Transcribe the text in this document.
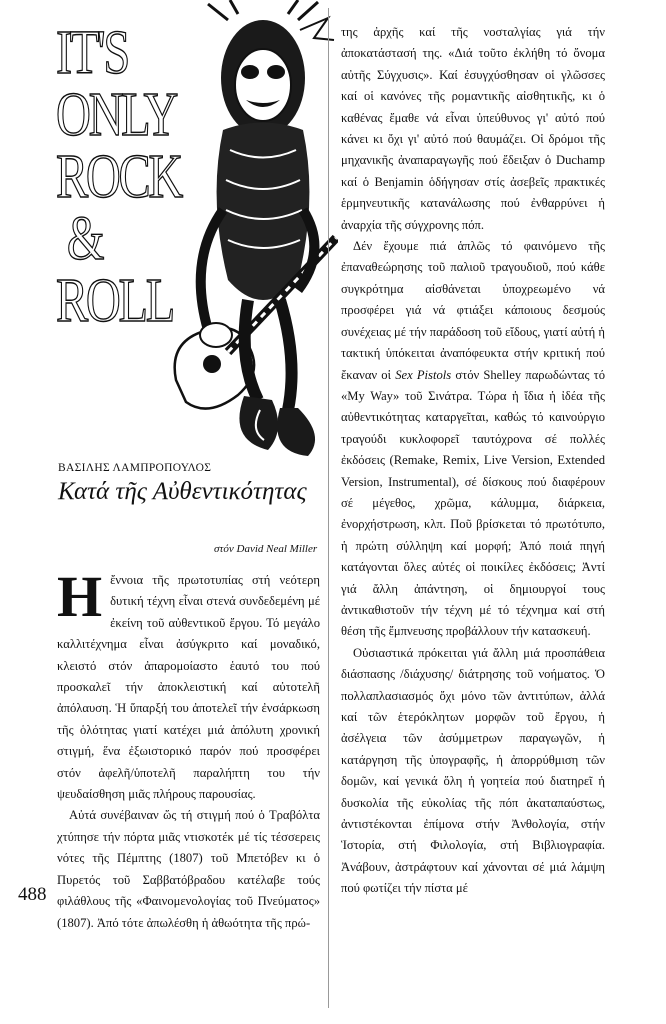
IT'S
ONLY
ROCK
&
ROLL
ΒΑΣΙΛΗΣ ΛΑΜΠΡΟΠΟΥΛΟΣ
Κατά τῆς Αὐθεντικότητας
στόν David Neal Miller

Η ἔννοια τῆς πρωτοτυπίας στή νεότερη δυτική τέχνη εἶναι στενά συνδεδεμένη μέ ἐκείνη τοῦ αὐθεντικοῦ ἔργου. Τό μεγάλο καλλιτέχνημα εἶναι ἀσύγκριτο καί μοναδικό, κλειστό στόν ἀπαρομοίαστο ἑαυτό του πού προσκαλεῖ τήν ἀποκλειστική καί αὐτοτελῆ ἀπόλαυση. Ἡ ὕπαρξή του ἀποτελεῖ τήν ἐνσάρκωση τῆς ὁλότητας γιατί κατέχει μιά ἀπόλυτη χρονική στιγμή, ἕνα ἐξωιστορικό παρόν πού προσφέρει στόν ἀφελῆ/ὑποτελῆ παραλήπτη του τήν ψευδαίσθηση μιᾶς πλήρους παρουσίας.

Αὐτά συνέβαιναν ὥς τή στιγμή πού ὁ Τραβόλτα χτύπησε τήν πόρτα μιᾶς ντισκοτέκ μέ τίς τέσσερεις νότες τῆς Πέμπτης (1807) τοῦ Μπετόβεν κι ὁ Πυρετός τοῦ Σαββατόβραδου κατέλαβε τούς φιλάθλους τῆς «Φαινομενολογίας τοῦ Πνεύματος» (1807). Ἀπό τότε ἀπωλέσθη ἡ ἀθωότητα τῆς πρώ-

της ἀρχῆς καί τῆς νοσταλγίας γιά τήν ἀποκατάστασή της. «Διά τοῦτο ἐκλήθη τό ὄνομα αὐτῆς Σύγχυσις». Καί ἐσυγχύσθησαν οἱ γλῶσσες καί οἱ κανόνες τῆς ρομαντικῆς αἰσθητικῆς, κι ὁ καθένας ἔμαθε νά εἶναι ὑπεύθυνος γι' αὐτό πού κάνει κι ὄχι γι' αὐτό πού θαυμάζει. Οἱ δρόμοι τῆς μηχανικῆς ἀναπαραγωγῆς πού ἔδειξαν ὁ Duchamp καί ὁ Benjamin ὁδήγησαν στίς ἀσεβεῖς πρακτικές ἑρμηνευτικῆς κατανάλωσης πού ἐνθαρρύνει ἡ ἀναρχία τῆς σύγχρονης πόπ.

Δέν ἔχουμε πιά ἁπλῶς τό φαινόμενο τῆς ἐπαναθεώρησης τοῦ παλιοῦ τραγουδιοῦ, πού κάθε συγκρότημα αἰσθάνεται ὑποχρεωμένο νά προσφέρει γιά νά φτιάξει κάποιους δεσμούς συνέχειας μέ τήν παράδοση τοῦ εἴδους, γιατί αὐτή ἡ τακτική ὑπόκειται ἀναπόφευκτα στήν κριτική πού ἔκαναν οἱ Sex Pistols στόν Shelley παρωδώντας τό «My Way» τοῦ Σινάτρα. Τώρα ἡ ἴδια ἡ ἰδέα τῆς αὐθεντικότητας καταργεῖται, καθώς τό καινούργιο τραγούδι κυκλοφορεῖ ταυτόχρονα σέ πολλές ἐκδόσεις (Remake, Remix, Live Version, Extended Version, Instrumental), σέ δίσκους πού διαφέρουν σέ μέγεθος, χρῶμα, κάλυμμα, διάρκεια, ἐνορχήστρωση, κλπ. Ποῦ βρίσκεται τό πρωτότυπο, ἡ πρώτη σύλληψη καί μορφή; Ἀπό ποιά πηγή κατάγονται ὅλες αὐτές οἱ ποικίλες ἐκδόσεις; Ἀντί γιά ἄλλη ἀπάντηση, οἱ δημιουργοί τους ἀντικαθιστοῦν τήν τέχνη μέ τό τέχνημα καί στή θέση τῆς ἔμπνευσης προβάλλουν τήν κατασκευή.

Οὐσιαστικά πρόκειται γιά ἄλλη μιά προσπάθεια διάσπασης /διάχυσης/ διάτρησης τοῦ νοήματος. Ὁ πολλαπλασιασμός ὄχι μόνο τῶν ἀντιτύπων, ἀλλά καί τῶν ἑτερόκλητων μορφῶν τοῦ ἔργου, ἡ ἀσέλγεια τῶν ἀσύμμετρων παραγωγῶν, ἡ κατάργηση τῆς ὑπογραφῆς, ἡ ἀπορρύθμιση τῶν δομῶν, καί γενικά ὅλη ἡ γοητεία πού διατηρεῖ ἡ δυσκολία τῆς εὐκολίας τῆς πόπ ἀκαταπαύστως, ἀντιστέκονται ἐπίμονα στήν Ἀνθολογία, στήν Ἱστορία, στή Φιλολογία, στή Βιβλιογραφία. Ἀνάβουν, ἀστράφτουν καί χάνονται σέ μιά λάμψη πού φωτίζει τήν πίστα μέ

488
